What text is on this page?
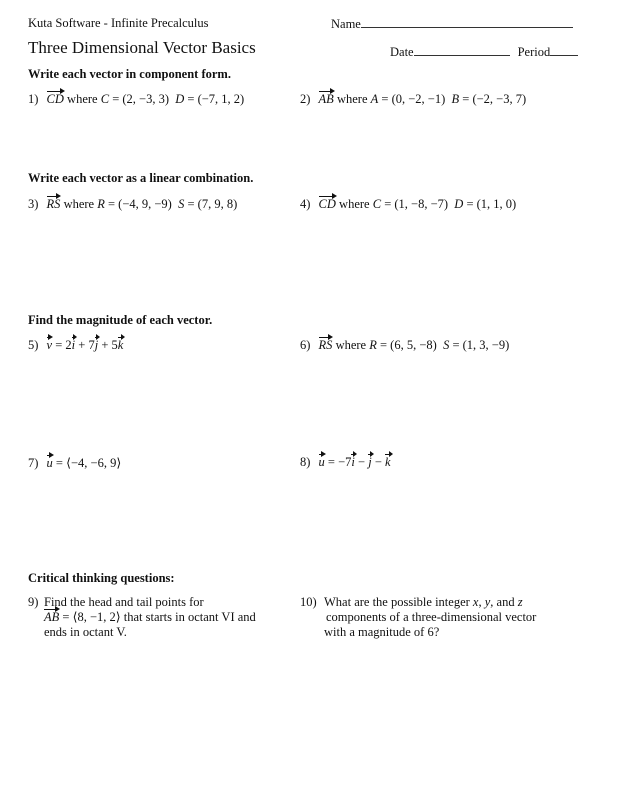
Kuta Software - Infinite Precalculus	Name
Three Dimensional Vector Basics	Date	Period
Write each vector in component form.
1) CD where C = (2, −3, 3) D = (−7, 1, 2)	2) AB where A = (0, −2, −1) B = (−2, −3, 7)
Write each vector as a linear combination.
3) RS where R = (−4, 9, −9) S = (7, 9, 8)	4) CD where C = (1, −8, −7) D = (1, 1, 0)
Find the magnitude of each vector.
5) v = 2i + 7j + 5k	6) RS where R = (6, 5, −8) S = (1, 3, −9)
7) u = ⟨−4, −6, 9⟩	8) u = −7i − j − k
Critical thinking questions:
9) Find the head and tail points for
AB = ⟨8, −1, 2⟩ that starts in octant VI and
ends in octant V.
10) What are the possible integer x, y, and z
components of a three-dimensional vector
with a magnitude of 6?
